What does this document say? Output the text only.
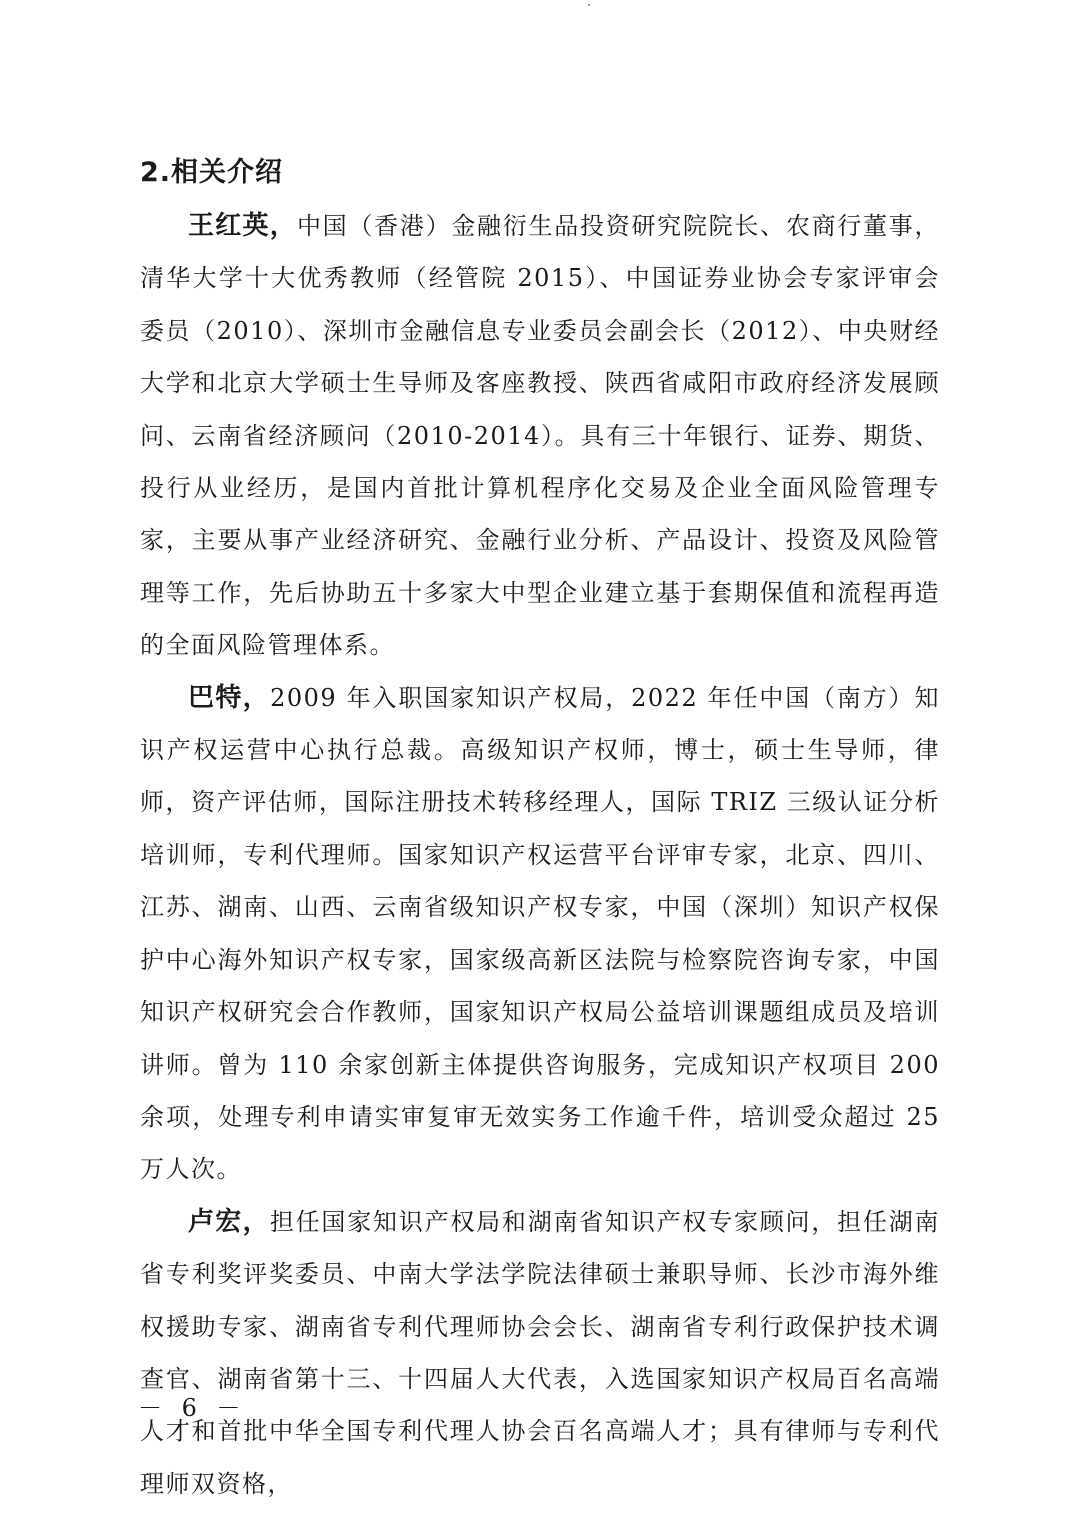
2.相关介绍

王红英，中国（香港）金融衍生品投资研究院院长、农商行董事，清华大学十大优秀教师（经管院 2015）、中国证券业协会专家评审会委员（2010）、深圳市金融信息专业委员会副会长（2012）、中央财经大学和北京大学硕士生导师及客座教授、陕西省咸阳市政府经济发展顾问、云南省经济顾问（2010-2014）。具有三十年银行、证券、期货、投行从业经历，是国内首批计算机程序化交易及企业全面风险管理专家，主要从事产业经济研究、金融行业分析、产品设计、投资及风险管理等工作，先后协助五十多家大中型企业建立基于套期保值和流程再造的全面风险管理体系。

巴特，2009 年入职国家知识产权局，2022 年任中国（南方）知识产权运营中心执行总裁。高级知识产权师，博士，硕士生导师，律师，资产评估师，国际注册技术转移经理人，国际 TRIZ 三级认证分析培训师，专利代理师。国家知识产权运营平台评审专家，北京、四川、江苏、湖南、山西、云南省级知识产权专家，中国（深圳）知识产权保护中心海外知识产权专家，国家级高新区法院与检察院咨询专家，中国知识产权研究会合作教师，国家知识产权局公益培训课题组成员及培训讲师。曾为 110 余家创新主体提供咨询服务，完成知识产权项目 200 余项，处理专利申请实审复审无效实务工作逾千件，培训受众超过 25 万人次。

卢宏，担任国家知识产权局和湖南省知识产权专家顾问，担任湖南省专利奖评奖委员、中南大学法学院法律硕士兼职导师、长沙市海外维权援助专家、湖南省专利代理师协会会长、湖南省专利行政保护技术调查官、湖南省第十三、十四届人大代表，入选国家知识产权局百名高端人才和首批中华全国专利代理人协会百名高端人才；具有律师与专利代理师双资格，

－ 6 －
